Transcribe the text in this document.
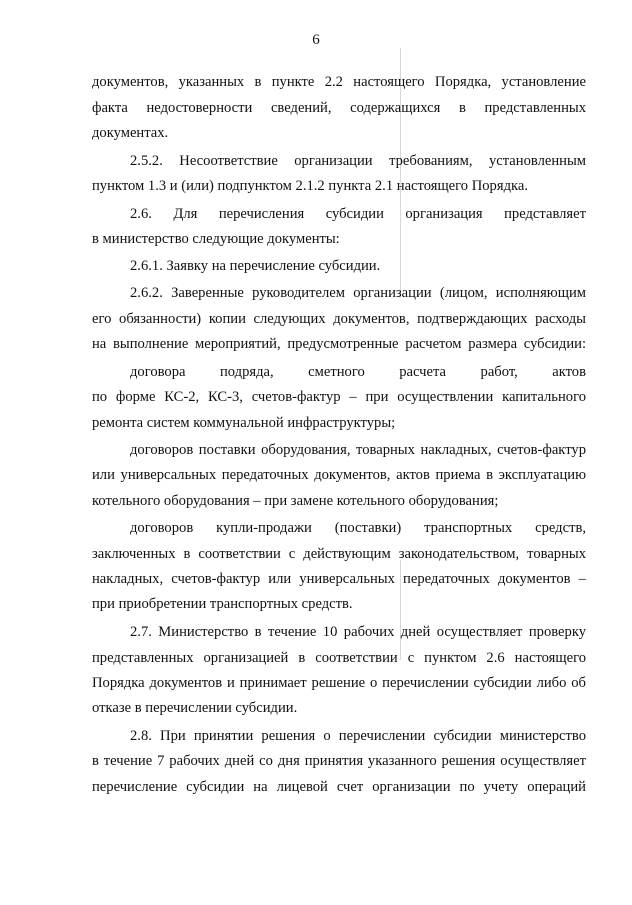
6
документов, указанных в пункте 2.2 настоящего Порядка, установление
факта недостоверности сведений, содержащихся в представленных
документах.
2.5.2. Несоответствие организации требованиям, установленным
пунктом 1.3 и (или) подпунктом 2.1.2 пункта 2.1 настоящего Порядка.
2.6. Для перечисления субсидии организация представляет
в министерство следующие документы:
2.6.1. Заявку на перечисление субсидии.
2.6.2. Заверенные руководителем организации (лицом, исполняющим
его обязанности) копии следующих документов, подтверждающих расходы
на выполнение мероприятий, предусмотренные расчетом размера субсидии:
договора подряда, сметного расчета работ, актов
по форме КС-2, КС-3, счетов-фактур – при осуществлении капитального
ремонта систем коммунальной инфраструктуры;
договоров поставки оборудования, товарных накладных, счетов-фактур
или универсальных передаточных документов, актов приема в эксплуатацию
котельного оборудования – при замене котельного оборудования;
договоров купли-продажи (поставки) транспортных средств,
заключенных в соответствии с действующим законодательством, товарных
накладных, счетов-фактур или универсальных передаточных документов –
при приобретении транспортных средств.
2.7. Министерство в течение 10 рабочих дней осуществляет проверку
представленных организацией в соответствии с пунктом 2.6 настоящего
Порядка документов и принимает решение о перечислении субсидии либо об
отказе в перечислении субсидии.
2.8. При принятии решения о перечислении субсидии министерство
в течение 7 рабочих дней со дня принятия указанного решения осуществляет
перечисление субсидии на лицевой счет организации по учету операций
